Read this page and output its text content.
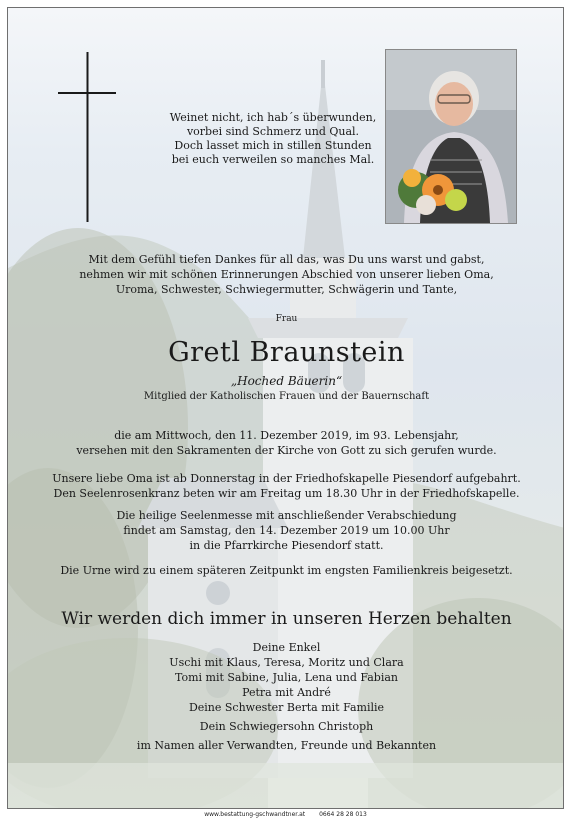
Weinet nicht, ich hab´s überwunden,
vorbei sind Schmerz und Qual.
Doch lasset mich in stillen Stunden
bei euch verweilen so manches Mal.
Mit dem Gefühl tiefen Dankes für all das, was Du uns warst und gabst,
nehmen wir mit schönen Erinnerungen Abschied von unserer lieben Oma,
Uroma, Schwester, Schwiegermutter, Schwägerin und Tante,
Frau
Gretl Braunstein
„Hoched Bäuerin“
Mitglied der Katholischen Frauen und der Bauernschaft
die am Mittwoch, den 11. Dezember 2019, im 93. Lebensjahr,
versehen mit den Sakramenten der Kirche von Gott zu sich gerufen wurde.
Unsere liebe Oma ist ab Donnerstag in der Friedhofskapelle Piesendorf aufgebahrt.
Den Seelenrosenkranz beten wir am Freitag um 18.30 Uhr in der Friedhofskapelle.
Die heilige Seelenmesse mit anschließender Verabschiedung
findet am Samstag, den 14. Dezember 2019 um 10.00 Uhr
in die Pfarrkirche Piesendorf statt.
Die Urne wird zu einem späteren Zeitpunkt im engsten Familienkreis beigesetzt.
Wir werden dich immer in unseren Herzen behalten
Deine Enkel
Uschi mit Klaus, Teresa, Moritz und Clara
Tomi mit Sabine, Julia, Lena und Fabian
Petra mit André
Deine Schwester Berta mit Familie
Dein Schwiegersohn Christoph
im Namen aller Verwandten, Freunde und Bekannten
www.bestattung-gschwandtner.at 0664 28 28 013
